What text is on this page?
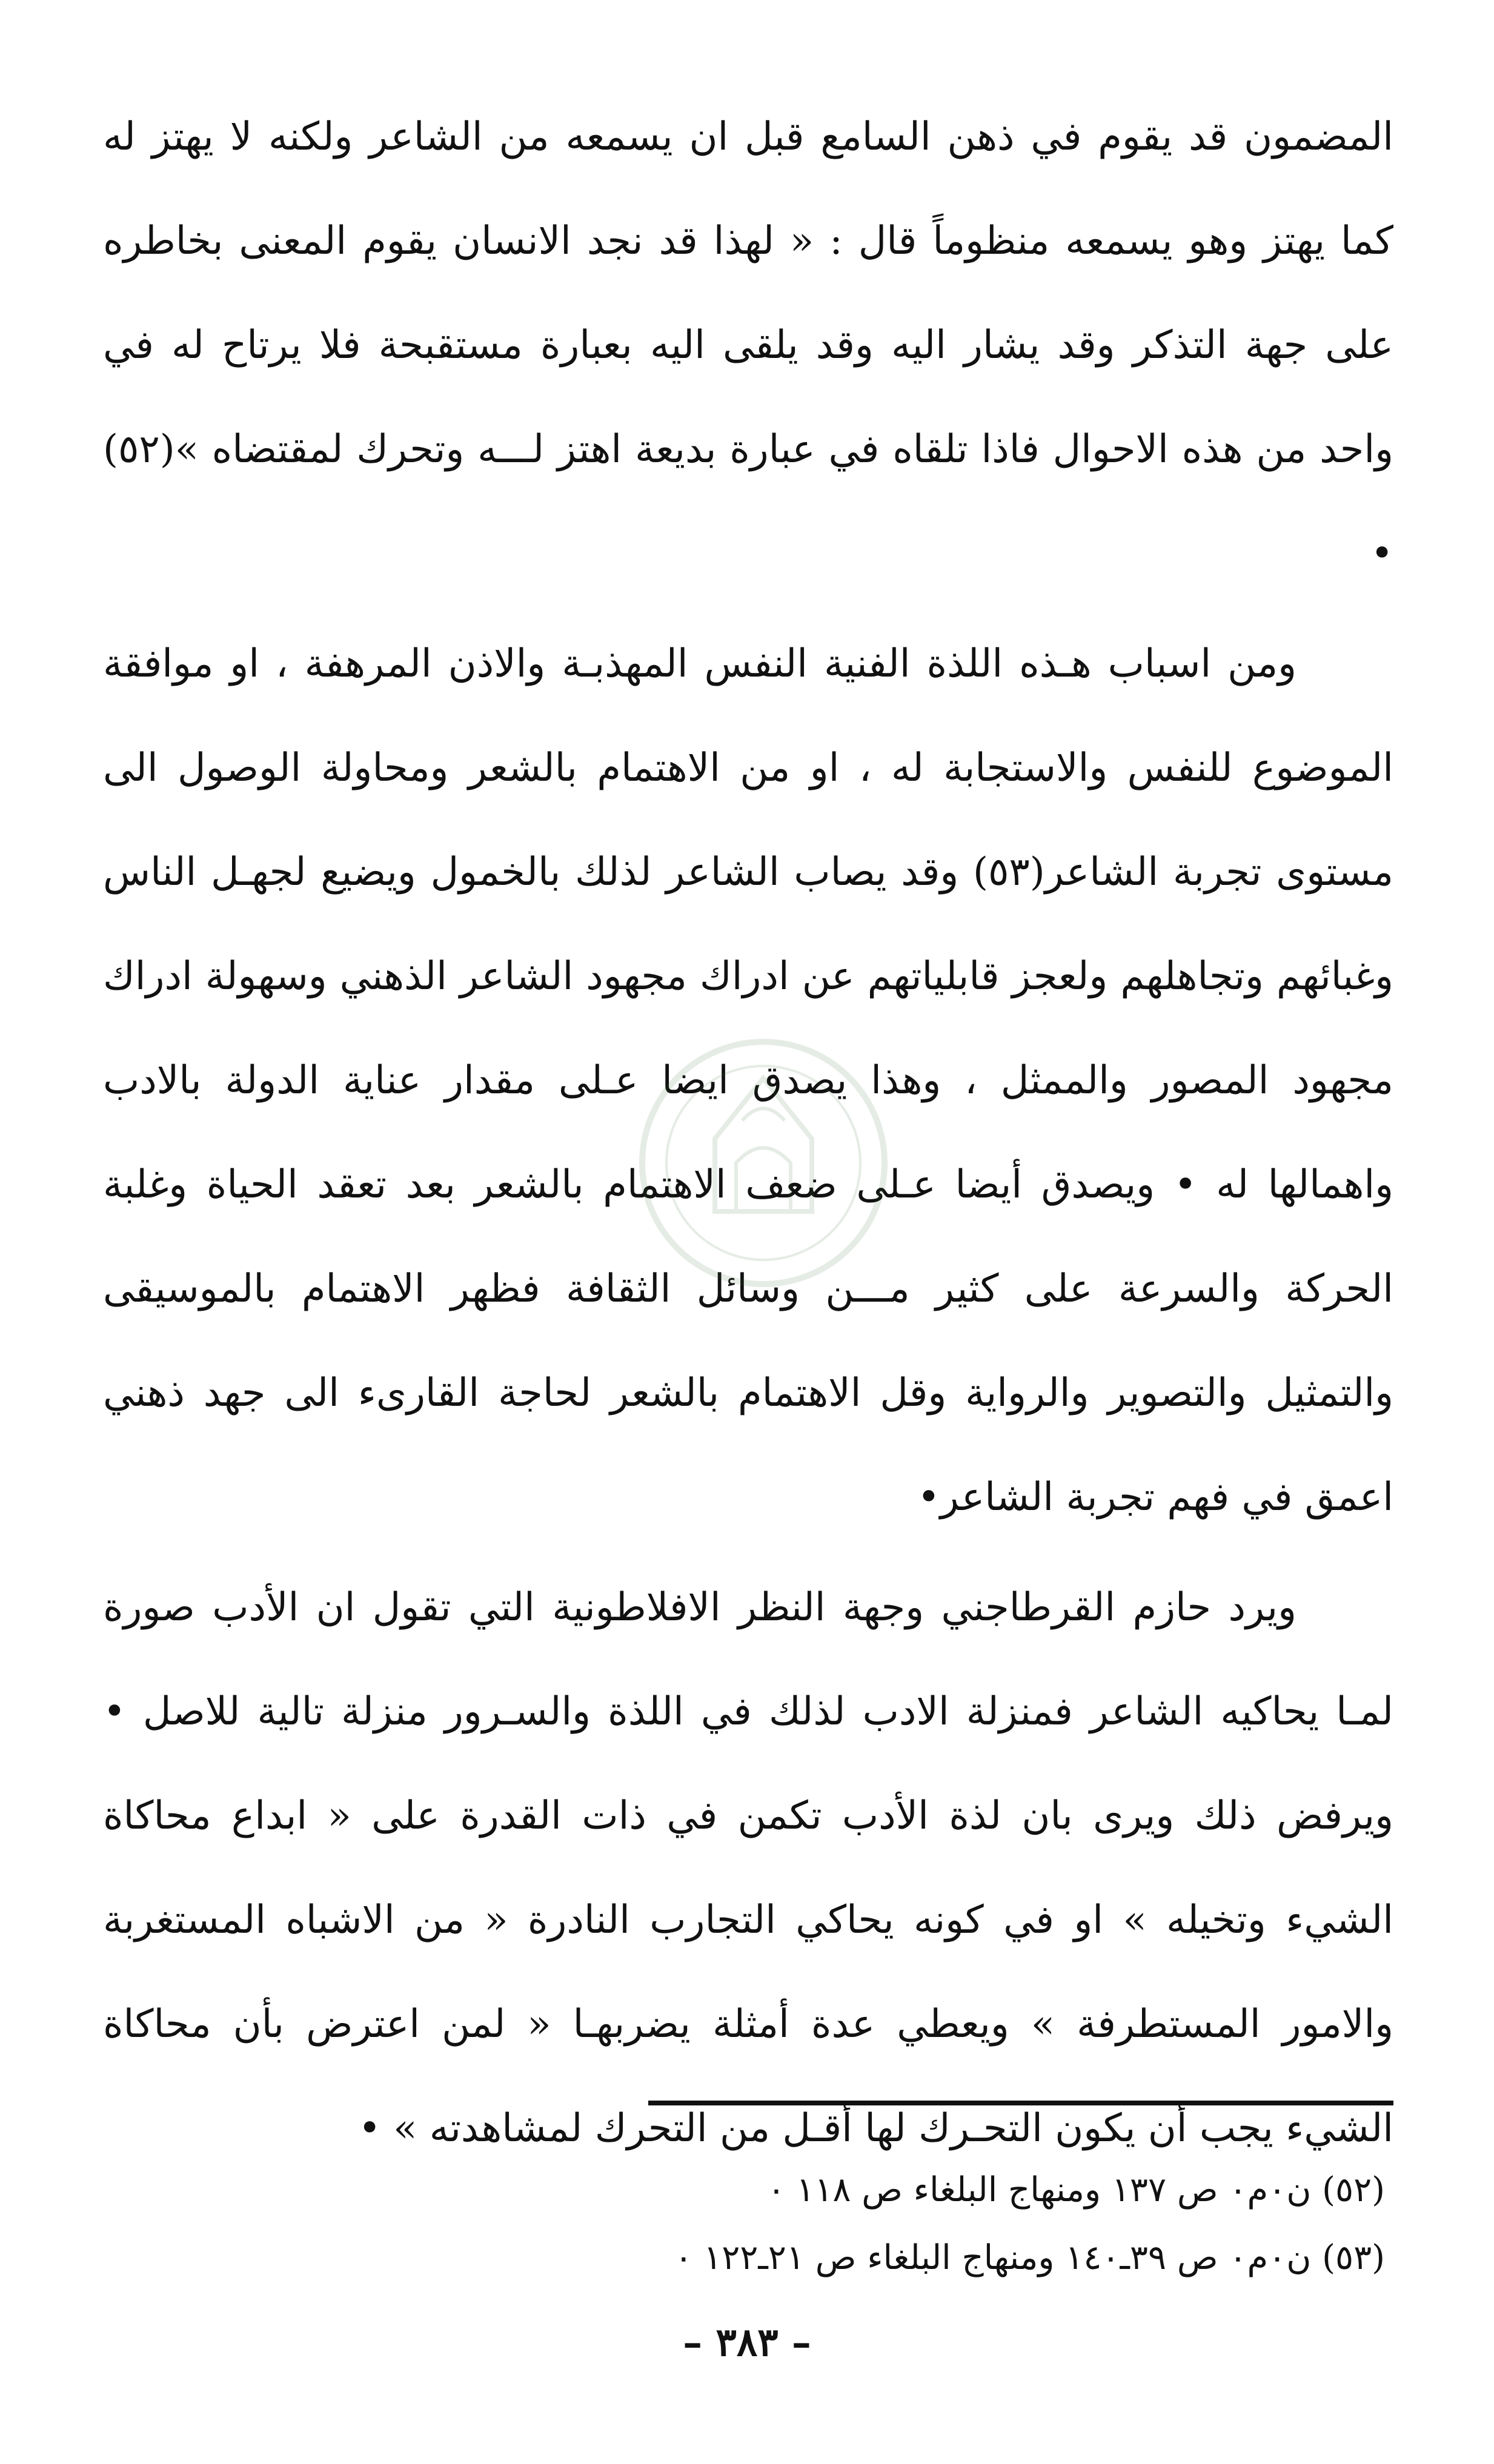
المضمون قد يقوم في ذهن السامع قبل ان يسمعه من الشاعر ولكنه لا يهتز له كما يهتز وهو يسمعه منظوماً قال : « لهذا قد نجد الانسان يقوم المعنى بخاطره على جهة التذكر وقد يشار اليه وقد يلقى اليه بعبارة مستقبحة فلا يرتاح له في واحد من هذه الاحوال فاذا تلقاه في عبارة بديعة اهتز لـــه وتحرك لمقتضاه »(٥٢) •

ومن اسباب هـذه اللذة الفنية النفس المهذبـة والاذن المرهفة ، او موافقة الموضوع للنفس والاستجابة له ، او من الاهتمام بالشعر ومحاولة الوصول الى مستوى تجربة الشاعر(٥٣) وقد يصاب الشاعر لذلك بالخمول ويضيع لجهـل الناس وغبائهم وتجاهلهم ولعجز قابلياتهم عن ادراك مجهود الشاعر الذهني وسهولة ادراك مجهود المصور والممثل ، وهذا يصدق ايضا عـلى مقدار عناية الدولة بالادب واهمالها له • ويصدق أيضا عـلى ضعف الاهتمام بالشعر بعد تعقد الحياة وغلبة الحركة والسرعة على كثير مـــن وسائل الثقافة فظهر الاهتمام بالموسيقى والتمثيل والتصوير والرواية وقل الاهتمام بالشعر لحاجة القارىء الى جهد ذهني اعمق في فهم تجربة الشاعر•

ويرد حازم القرطاجني وجهة النظر الافلاطونية التي تقول ان الأدب صورة لمـا يحاكيه الشاعر فمنزلة الادب لذلك في اللذة والسـرور منزلة تالية للاصل • ويرفض ذلك ويرى بان لذة الأدب تكمن في ذات القدرة على « ابداع محاكاة الشيء وتخيله » او في كونه يحاكي التجارب النادرة « من الاشباه المستغربة والامور المستطرفة » ويعطي عدة أمثلة يضربهـا « لمن اعترض بأن محاكاة الشيء يجب أن يكون التحـرك لها أقـل من التحرك لمشاهدته » •

(٥٢) ن٠م٠ ص ١٣٧ ومنهاج البلغاء ص ١١٨ ٠

(٥٣) ن٠م٠ ص ٣٩ـ١٤٠ ومنهاج البلغاء ص ٢١ـ١٢٢ ٠

– ٣٨٣ –
